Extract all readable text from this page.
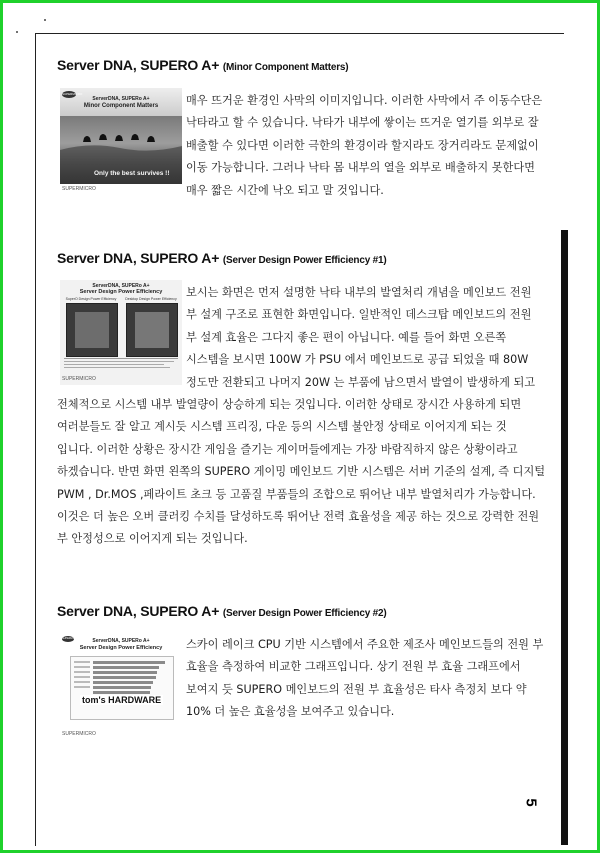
Server DNA, SUPERO A+ (Minor Component Matters)
SUPERMICRO
ServerDNA, SUPERo A+
Minor Component Matters
Only the best survives !!
SUPERMICRO
매우 뜨거운 환경인 사막의 이미지입니다. 이러한 사막에서 주 이동수단은
낙타라고 할 수 있습니다. 낙타가 내부에 쌓이는 뜨거운 열기를 외부로 잘
배출할 수 있다면 이러한 극한의 환경이라 할지라도 장거리라도 문제없이
이동 가능합니다. 그러나 낙타 몸 내부의 열을 외부로 배출하지 못한다면
매우 짧은 시간에 낙오 되고 말 것입니다.
Server DNA, SUPERO A+ (Server Design Power Efficiency #1)
ServerDNA, SUPERo A+
Server Design Power Efficiency
SuperO Design Power Efficiency	Desktop Design Power Efficiency
SUPERMICRO
보시는 화면은 먼저 설명한 낙타 내부의 발열처리 개념을 메인보드 전원
부 설계 구조로 표현한 화면입니다. 일반적인 데스크탑 메인보드의 전원
부 설계 효율은 그다지 좋은 편이 아닙니다. 예를 들어 화면 오른쪽
시스템을 보시면 100W 가 PSU 에서 메인보드로 공급 되었을 때 80W
정도만 전환되고 나머지 20W 는 부품에 남으면서 발열이 발생하게 되고
전체적으로 시스템 내부 발열량이 상승하게 되는 것입니다. 이러한 상태로 장시간 사용하게 되면
여러분들도 잘 알고 계시듯 시스템 프리징, 다운 등의 시스템 불안정 상태로 이어지게 되는 것
입니다. 이러한 상황은 장시간 게임을 즐기는 게이머들에게는 가장 바람직하지 않은 상황이라고
하겠습니다. 반면 화면 왼쪽의 SUPERO 게이밍 메인보드 기반 시스템은 서버 기준의 설계, 즉 디지털
PWM , Dr.MOS ,페라이트 초크 등 고품질 부품들의 조합으로 뛰어난 내부 발열처리가 가능합니다.
이것은 더 높은 오버 클러킹 수치를 달성하도록 뛰어난 전력 효율성을 제공 하는 것으로 강력한 전원
부 안정성으로 이어지게 되는 것입니다.
Server DNA, SUPERO A+ (Server Design Power Efficiency #2)
SUPERMICRO	ServerDNA, SUPERo A+
Server Design Power Efficiency
tom's HARDWARE
SUPERMICRO
스카이 레이크 CPU 기반 시스템에서 주요한 제조사 메인보드들의 전원 부
효율을 측정하여 비교한 그래프입니다. 상기 전원 부 효율 그래프에서
보여지 듯 SUPERO 메인보드의 전원 부 효율성은 타사 측정치 보다 약
10% 더 높은 효율성을 보여주고 있습니다.
5
